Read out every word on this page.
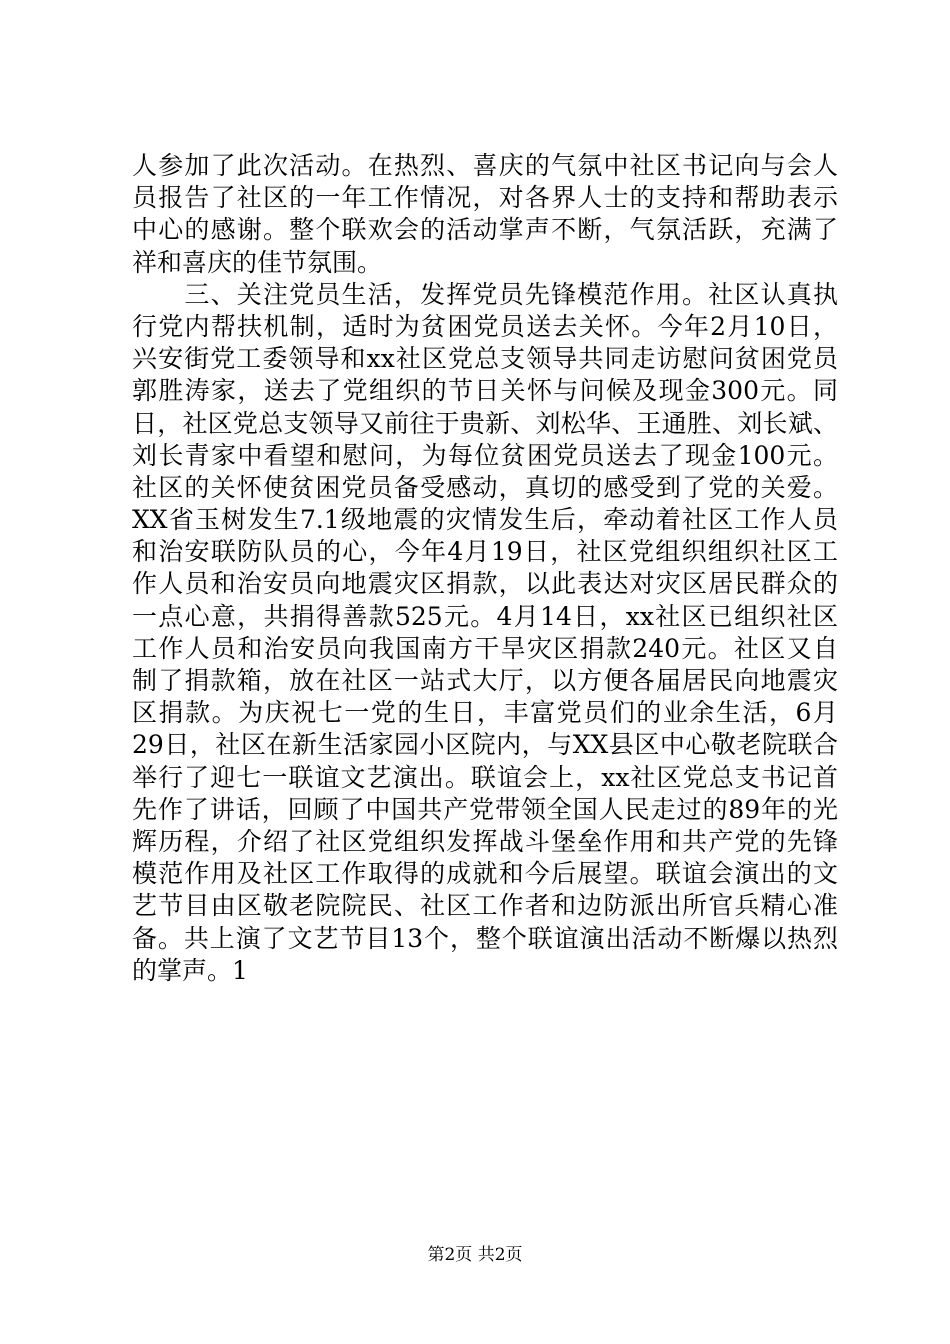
人参加了此次活动。在热烈、喜庆的气氛中社区书记向与会人
员报告了社区的一年工作情况，对各界人士的支持和帮助表示
中心的感谢。整个联欢会的活动掌声不断，气氛活跃，充满了
祥和喜庆的佳节氛围。
　　三、关注党员生活，发挥党员先锋模范作用。社区认真执
行党内帮扶机制，适时为贫困党员送去关怀。今年2月10日，
兴安街党工委领导和xx社区党总支领导共同走访慰问贫困党员
郭胜涛家，送去了党组织的节日关怀与问候及现金300元。同
日，社区党总支领导又前往于贵新、刘松华、王通胜、刘长斌、
刘长青家中看望和慰问，为每位贫困党员送去了现金100元。
社区的关怀使贫困党员备受感动，真切的感受到了党的关爱。
XX省玉树发生7.1级地震的灾情发生后，牵动着社区工作人员
和治安联防队员的心，今年4月19日，社区党组织组织社区工
作人员和治安员向地震灾区捐款，以此表达对灾区居民群众的
一点心意，共捐得善款525元。4月14日，xx社区已组织社区
工作人员和治安员向我国南方干旱灾区捐款240元。社区又自
制了捐款箱，放在社区一站式大厅，以方便各届居民向地震灾
区捐款。为庆祝七一党的生日，丰富党员们的业余生活，6月
29日，社区在新生活家园小区院内，与XX县区中心敬老院联合
举行了迎七一联谊文艺演出。联谊会上，xx社区党总支书记首
先作了讲话，回顾了中国共产党带领全国人民走过的89年的光
辉历程，介绍了社区党组织发挥战斗堡垒作用和共产党的先锋
模范作用及社区工作取得的成就和今后展望。联谊会演出的文
艺节目由区敬老院院民、社区工作者和边防派出所官兵精心准
备。共上演了文艺节目13个，整个联谊演出活动不断爆以热烈
的掌声。1
第2页 共2页
